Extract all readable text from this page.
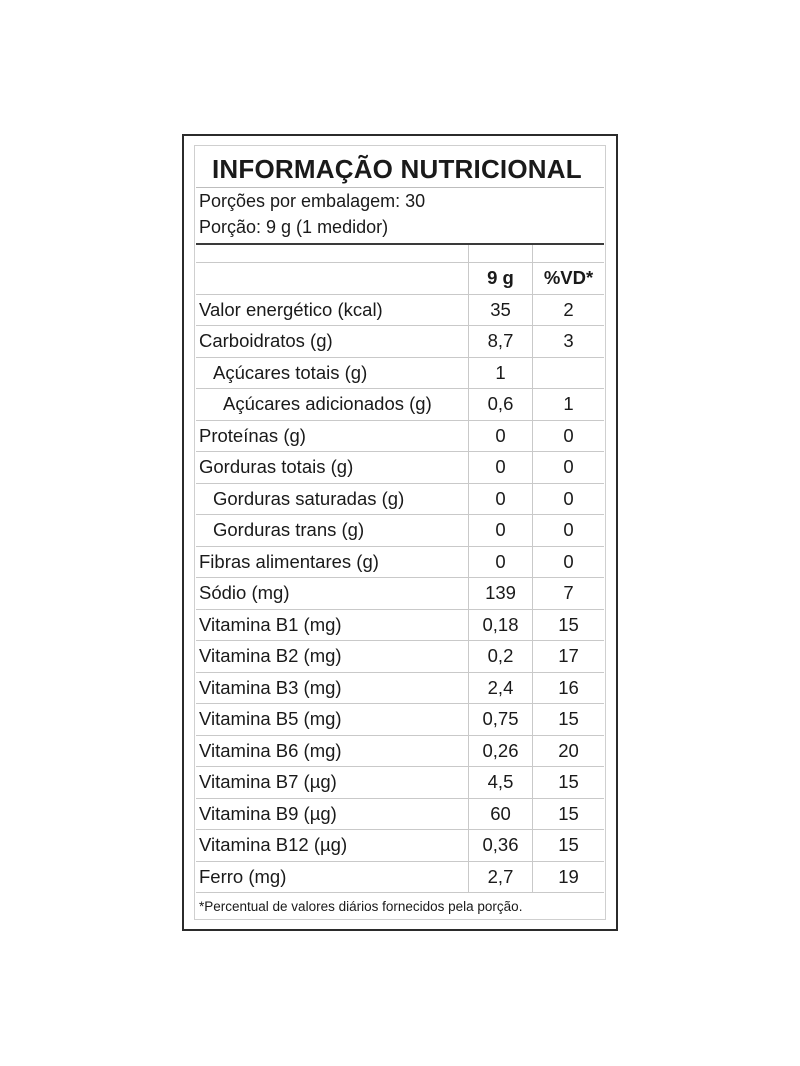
INFORMAÇÃO NUTRICIONAL
Porções por embalagem: 30
Porção: 9 g (1 medidor)
9 g	%VD*
Valor energético (kcal)	35	2
Carboidratos (g)	8,7	3
Açúcares totais (g)	1
Açúcares adicionados (g)	0,6	1
Proteínas (g)	0	0
Gorduras totais (g)	0	0
Gorduras saturadas (g)	0	0
Gorduras trans (g)	0	0
Fibras alimentares (g)	0	0
Sódio (mg)	139	7
Vitamina B1 (mg)	0,18	15
Vitamina B2 (mg)	0,2	17
Vitamina B3 (mg)	2,4	16
Vitamina B5 (mg)	0,75	15
Vitamina B6 (mg)	0,26	20
Vitamina B7 (µg)	4,5	15
Vitamina B9 (µg)	60	15
Vitamina B12 (µg)	0,36	15
Ferro (mg)	2,7	19
*Percentual de valores diários fornecidos pela porção.
